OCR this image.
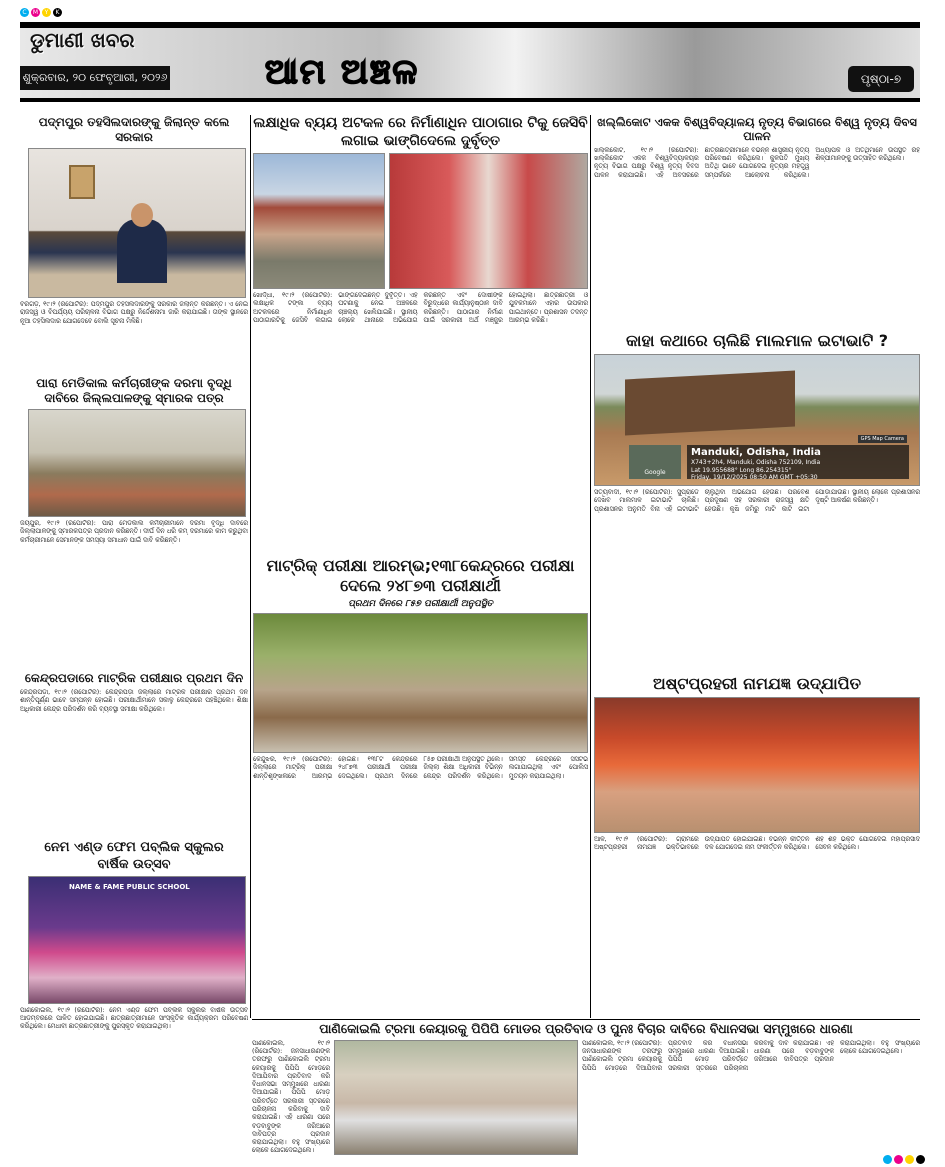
C	M	Y	K
ଡୁମାଣୀ ଖବର
ଶୁକ୍ରବାର, ୨୦ ଫେବୃଆରୀ, ୨୦୨୬	ଆମ ଅଞ୍ଚଳ	ପୃଷ୍ଠା-୭
ପଦ୍ମପୁର ତହସିଲଦାରଙ୍କୁ ଜିଲାନ୍ତ କଲେ ସରକାର
ବରଗଡ଼, ୧୯।୨ (ରିପୋର୍ଟର): ପଦ୍ମପୁର ତହସିଲଦାରଙ୍କୁ ସରକାର ଜିଲାନ୍ତ କରିଛନ୍ତି। ଏ ନେଇ ରାଜସ୍ୱ ଓ ବିପର୍ଯ୍ୟୟ ପରିଚାଳନା ବିଭାଗ ପକ୍ଷରୁ ନିର୍ଦ୍ଦେଶନାମା ଜାରି କରାଯାଇଛି। ତାଙ୍କ ସ୍ଥାନରେ ନୂଆ ତହସିଲଦାର ଯୋଗଦେବେ ବୋଲି ସୂଚନା ମିଳିଛି।
ପାରା ମେଡିକାଲ କର୍ମଚାରୀଙ୍କ ଦରମା ବୃଦ୍ଧି ଦାବିରେ ଜିଲ୍ଲପାଳଙ୍କୁ ସ୍ମାରକ ପତ୍ର
ଜୟପୁର, ୧୯।୨ (ରିପୋର୍ଟର): ପାରା ମେଡିକାଲ କର୍ମଚାରୀମାନେ ଦରମା ବୃଦ୍ଧି ଦାବିରେ ଜିଲ୍ଲାପାଳଙ୍କୁ ସ୍ମାରକପତ୍ର ପ୍ରଦାନ କରିଛନ୍ତି। ଦୀର୍ଘ ଦିନ ଧରି କମ୍ ଦରମାରେ କାମ କରୁଥିବା କର୍ମଚାରୀମାନେ ସେମାନଙ୍କ ସମସ୍ୟା ସମାଧାନ ପାଇଁ ଦାବି କରିଛନ୍ତି।
କେନ୍ଦ୍ରପଡାରେ ମାଟ୍ରିକ ପରୀକ୍ଷାର ପ୍ରଥମ ଦିନ
କେନ୍ଦ୍ରପଡ଼ା, ୧୯।୨ (ରିପୋର୍ଟର): କେନ୍ଦ୍ରପଡ଼ା ଜିଲ୍ଲାରେ ମାଟ୍ରିକ ପରୀକ୍ଷାର ପ୍ରଥମ ଦିନ ଶାନ୍ତିପୂର୍ଣ୍ଣ ଭାବେ ସମ୍ପନ୍ନ ହୋଇଛି। ପରୀକ୍ଷାର୍ଥୀମାନେ ସକାଳୁ କେନ୍ଦ୍ରରେ ପହଞ୍ଚିଥିଲେ। ଶିକ୍ଷା ଅଧିକାରୀ କେନ୍ଦ୍ର ପରିଦର୍ଶନ କରି ବ୍ୟବସ୍ଥା ସମୀକ୍ଷା କରିଥିଲେ।
ନେମ ଏଣ୍ଡ ଫେମ ପବ୍ଲିକ ସ୍କୁଲର ବାର୍ଷିକ ଉତ୍ସବ
NAME & FAME PUBLIC SCHOOL
ପାଣିକୋଇଲି, ୧୯।୨ (ରିପୋର୍ଟର): ନେମ ଏଣ୍ଡ ଫେମ ପବ୍ଲିକ ସ୍କୁଲର ବାର୍ଷିକ ଉତ୍ସବ ଆଡ଼ମ୍ବରରେ ପାଳିତ ହୋଇଯାଇଛି। ଛାତ୍ରଛାତ୍ରୀମାନେ ସାଂସ୍କୃତିକ କାର୍ଯ୍ୟକ୍ରମ ପରିବେଷଣ କରିଥିଲେ। ମେଧାବୀ ଛାତ୍ରଛାତ୍ରୀଙ୍କୁ ପୁରସ୍କୃତ କରାଯାଇଥିଲା।
ଲକ୍ଷାଧିକ ବ୍ୟୟ ଅଟକଳ ରେ ନିର୍ମାଣାଧିନ ପାଠାଗାର ଟିକୁ ଜେସିବି ଲଗାଇ ଭାଙ୍ଗିଦେଲେ ଦୁର୍ବୃତ୍ତ
ଖୋର୍ଦ୍ଧା, ୧୯।୨ (ରିପୋର୍ଟର): ଲକ୍ଷାଧିକ ଟଙ୍କା ବ୍ୟୟ ଅଟକଳରେ ନିର୍ମାଣାଧିନ ପାଠାଗାରଟିକୁ ଜେସିବି ଲଗାଇ ଭାଙ୍ଗିଦେଇଛନ୍ତି ଦୁର୍ବୃତ୍ତ। ଏହି ଘଟଣାକୁ ନେଇ ଅଞ୍ଚଳରେ ଚାଞ୍ଚଲ୍ୟ ଖେଳିଯାଇଛି। ସ୍ଥାନୀୟ ଲୋକେ ଥାନାରେ ଅଭିଯୋଗ କରିଛନ୍ତି ଏବଂ ଦୋଷୀଙ୍କ ବିରୁଦ୍ଧରେ କାର୍ଯ୍ୟାନୁଷ୍ଠାନ ଦାବି କରିଛନ୍ତି। ପାଠାଗାର ନିର୍ମାଣ ପାଇଁ ସରକାରୀ ଅର୍ଥ ମଞ୍ଜୁର ହୋଇଥିଲା। ଛାତ୍ରଛାତ୍ରୀ ଓ ଯୁବକମାନେ ଏହାର ଉପକାର ପାଇଥାନ୍ତେ। ପ୍ରଶାସନ ତଦନ୍ତ ଆରମ୍ଭ କରିଛି।
ମାଟ୍ରିକ୍ ପରୀକ୍ଷା ଆରମ୍ଭ;୧୩୮କେନ୍ଦ୍ରରେ ପରୀକ୍ଷା ଦେଲେ ୨୪୮୭୩ ପରୀକ୍ଷାର୍ଥୀ
ପ୍ରଥମ ଦିନରେ ୮୫୭ ପରୀକ୍ଷାର୍ଥୀ ଅନୁପସ୍ଥିତ
କେନ୍ଦୁଝର, ୧୯।୨ (ରିପୋର୍ଟର): ଜିଲ୍ଲାରେ ମାଟ୍ରିକ୍ ପରୀକ୍ଷା ଶାନ୍ତିଶୃଙ୍ଖଳାରେ ଆରମ୍ଭ ହୋଇଛି। ୧୩୮ଟି କେନ୍ଦ୍ରରେ ୨୪୮୭୩ ପରୀକ୍ଷାର୍ଥୀ ପରୀକ୍ଷା ଦେଇଥିଲେ। ପ୍ରଥମ ଦିନରେ ୮୫୭ ପରୀକ୍ଷାର୍ଥୀ ଅନୁପସ୍ଥିତ ଥିଲେ। ଜିଲ୍ଲା ଶିକ୍ଷା ଅଧିକାରୀ ବିଭିନ୍ନ କେନ୍ଦ୍ର ପରିଦର୍ଶନ କରିଥିଲେ। ସମସ୍ତ କେନ୍ଦ୍ରରେ ସିସିଟିଭି ଲଗାଯାଇଥିଲା ଏବଂ ପୋଲିସ ମୁତୟନ କରାଯାଇଥିଲା।
ଖଲ୍ଲିକୋଟ ଏକକ ବିଶ୍ୱବିଦ୍ୟାଳୟ ନୃତ୍ୟ ବିଭାଗରେ ବିଶ୍ୱ ନୃତ୍ୟ ଦିବସ ପାଳନ
ଖଲ୍ଲିକୋଟ, ୧୯।୨ (ରିପୋର୍ଟର): ଖଲ୍ଲିକୋଟ ଏକକ ବିଶ୍ୱବିଦ୍ୟାଳୟର ନୃତ୍ୟ ବିଭାଗ ପକ୍ଷରୁ ବିଶ୍ୱ ନୃତ୍ୟ ଦିବସ ପାଳନ କରାଯାଇଛି। ଏହି ଅବସରରେ ଛାତ୍ରଛାତ୍ରୀମାନେ ବିଭିନ୍ନ ଶାସ୍ତ୍ରୀୟ ନୃତ୍ୟ ପରିବେଷଣ କରିଥିଲେ। କୁଳପତି ମୁଖ୍ୟ ଅତିଥି ଭାବେ ଯୋଗଦେଇ ନୃତ୍ୟର ମହତ୍ତ୍ୱ ସମ୍ପର୍କରେ ଆଲୋଚନା କରିଥିଲେ। ଅଧ୍ୟାପକ ଓ ଅତିଥିମାନେ ଉପସ୍ଥିତ ରହି ଶିଳ୍ପୀମାନଙ୍କୁ ଉତ୍ସାହିତ କରିଥିଲେ।
କାହା କଥାରେ ଚାଲିଛି ମାଲମାଳ ଇଟାଭାଟି ?
Google
GPS Map Camera
Manduki, Odisha, India
X743+2h4, Manduki, Odisha 752109, India
Lat 19.955688° Long 86.254315°
Friday, 19/12/2025 08:50 AM GMT +05:30
ସତ୍ୟବାଦୀ, ୧୯।୨ (ରିପୋର୍ଟର): ସୁପ୍ରାଡେ ଦେଖିବ ମାଲମାଳ ଇଟାଭାଟି ଚାଲିଛି। ପ୍ରଶାସନର ଅନୁମତି ବିନା ଏହି ଇଟାଭାଟି ଚାଲୁଥିବା ଅଭିଯୋଗ ହେଉଛି। ପରିବେଶ ପ୍ରଦୂଷଣ ସହ ସରକାରୀ ରାଜସ୍ୱ କ୍ଷତି ହେଉଛି। କୃଷି ଜମିରୁ ମାଟି କାଟି ଇଟା ପୋଡ଼ାଯାଉଛି। ସ୍ଥାନୀୟ ଲୋକେ ପ୍ରଶାସନର ଦୃଷ୍ଟି ଆକର୍ଷଣ କରିଛନ୍ତି।
ଅଷ୍ଟପ୍ରହରୀ ନାମଯଜ୍ଞ ଉଦ୍ଯାପିତ
ଆଳି, ୧୯।୨ (ରିପୋର୍ଟର): ଗ୍ରାମରେ ଅଷ୍ଟପ୍ରହରୀ ନାମଯଜ୍ଞ ଭକ୍ତିଭାବରେ ଉଦ୍ଯାପିତ ହୋଇଯାଇଛି। ବିଭିନ୍ନ କୀର୍ତ୍ତନ ଦଳ ଯୋଗଦେଇ ନାମ ସଂକୀର୍ତ୍ତନ କରିଥିଲେ। ଶହ ଶହ ଭକ୍ତ ଯୋଗଦେଇ ମହାପ୍ରସାଦ ସେବନ କରିଥିଲେ।
ପାଣିକୋଇଲି ଟ୍ରମା କେୟାରକୁ ପିପିପି ମୋଡର ପ୍ରତିବାଦ ଓ ପୁନଃ ବିଚାର ଦାବିରେ ବିଧାନସଭା ସମ୍ମୁଖରେ ଧାରଣା
ପାଣିକୋଇଲି, ୧୯।୨ (ରିପୋର୍ଟର): ଜନସାଧାରଣଙ୍କ ତରଫରୁ ପାଣିକୋଇଲି ଟ୍ରମା କେୟାରକୁ ପିପିପି ମୋଡ଼ରେ ଦିଆଯିବାର ପ୍ରତିବାଦ କରି ବିଧାନସଭା ସମ୍ମୁଖରେ ଧାରଣା ଦିଆଯାଇଛି। ପିପିପି ମୋଡ଼ ପରିବର୍ତ୍ତେ ସରକାରୀ ସ୍ତରରେ ପରିଚାଳନା କରିବାକୁ ଦାବି କରାଯାଇଛି। ଏହି ଧାରଣା ପରେ ବଡ଼ବାବୁଙ୍କ ଜରିଆରେ ଦାବିପତ୍ର ପ୍ରଦାନ କରାଯାଇଥିଲା। ବହୁ ସଂଖ୍ୟାରେ ଲୋକେ ଯୋଗଦେଇଥିଲେ।
ପାଣିକୋଇଲି, ୧୯।୨ (ରିପୋର୍ଟର): ଜନସାଧାରଣଙ୍କ ତରଫରୁ ପାଣିକୋଇଲି ଟ୍ରମା କେୟାରକୁ ପିପିପି ମୋଡ଼ରେ ଦିଆଯିବାର ପ୍ରତିବାଦ କରି ବିଧାନସଭା ସମ୍ମୁଖରେ ଧାରଣା ଦିଆଯାଇଛି। ପିପିପି ମୋଡ଼ ପରିବର୍ତ୍ତେ ସରକାରୀ ସ୍ତରରେ ପରିଚାଳନା କରିବାକୁ ଦାବି କରାଯାଇଛି। ଏହି ଧାରଣା ପରେ ବଡ଼ବାବୁଙ୍କ ଜରିଆରେ ଦାବିପତ୍ର ପ୍ରଦାନ କରାଯାଇଥିଲା। ବହୁ ସଂଖ୍ୟାରେ ଲୋକେ ଯୋଗଦେଇଥିଲେ।
